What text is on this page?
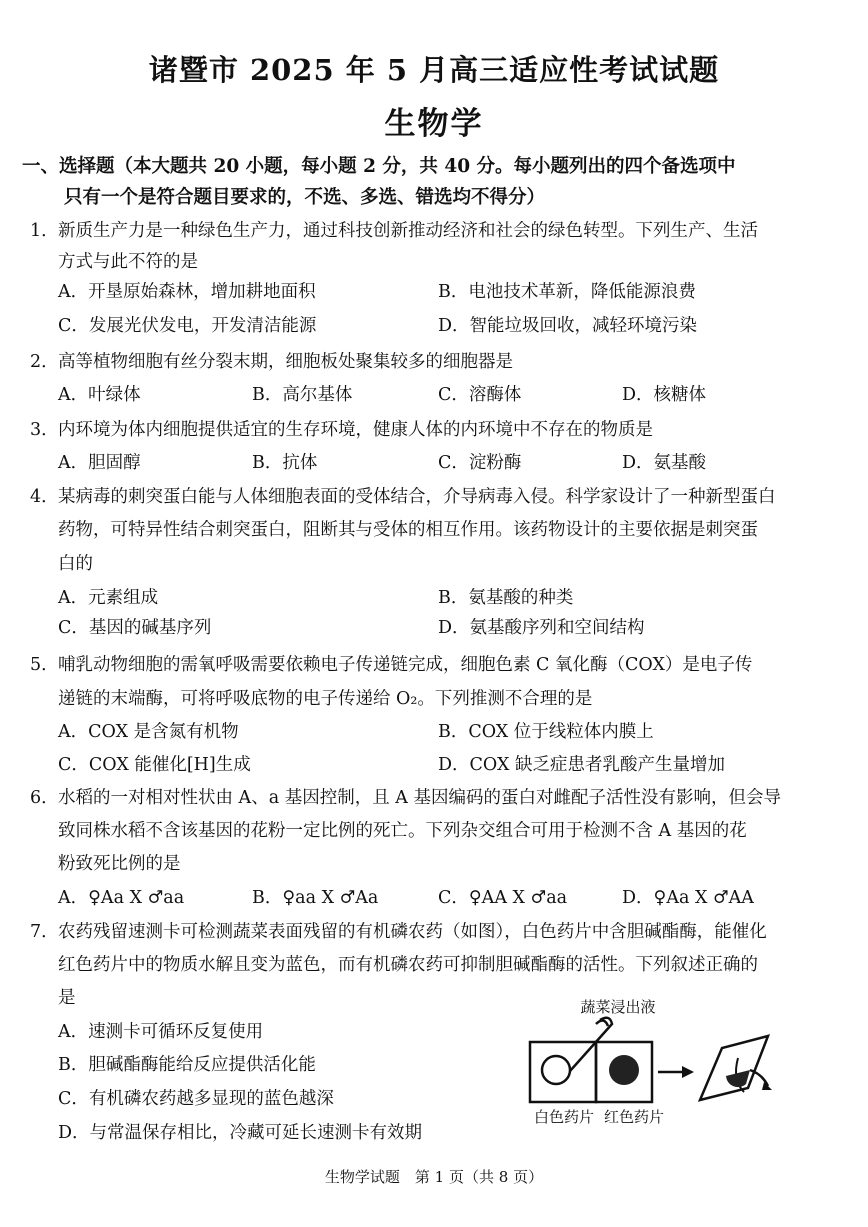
诸暨市 2025 年 5 月高三适应性考试试题
生物学
一、选择题（本大题共 20 小题，每小题 2 分，共 40 分。每小题列出的四个备选项中
只有一个是符合题目要求的，不选、多选、错选均不得分）
1． 新质生产力是一种绿色生产力，通过科技创新推动经济和社会的绿色转型。下列生产、生活
方式与此不符的是
A．开垦原始森林，增加耕地面积	B．电池技术革新，降低能源浪费
C．发展光伏发电，开发清洁能源	D．智能垃圾回收，减轻环境污染
2． 高等植物细胞有丝分裂末期，细胞板处聚集较多的细胞器是
A．叶绿体	B．高尔基体	C．溶酶体	D．核糖体
3． 内环境为体内细胞提供适宜的生存环境，健康人体的内环境中不存在的物质是
A．胆固醇	B．抗体	C．淀粉酶	D．氨基酸
4． 某病毒的刺突蛋白能与人体细胞表面的受体结合，介导病毒入侵。科学家设计了一种新型蛋白
药物，可特异性结合刺突蛋白，阻断其与受体的相互作用。该药物设计的主要依据是刺突蛋
白的
A．元素组成	B．氨基酸的种类
C．基因的碱基序列	D．氨基酸序列和空间结构
5． 哺乳动物细胞的需氧呼吸需要依赖电子传递链完成，细胞色素 C 氧化酶（COX）是电子传
递链的末端酶，可将呼吸底物的电子传递给 O₂。下列推测不合理的是
A．COX 是含氮有机物	B．COX 位于线粒体内膜上
C．COX 能催化[H]生成	D．COX 缺乏症患者乳酸产生量增加
6． 水稻的一对相对性状由 A、a 基因控制，且 A 基因编码的蛋白对雌配子活性没有影响，但会导
致同株水稻不含该基因的花粉一定比例的死亡。下列杂交组合可用于检测不含 A 基因的花
粉致死比例的是
A．♀Aa X ♂aa	B．♀aa X ♂Aa	C．♀AA X ♂aa	D．♀Aa X ♂AA
7． 农药残留速测卡可检测蔬菜表面残留的有机磷农药（如图），白色药片中含胆碱酯酶，能催化
红色药片中的物质水解且变为蓝色，而有机磷农药可抑制胆碱酯酶的活性。下列叙述正确的
是
A．速测卡可循环反复使用
B．胆碱酯酶能给反应提供活化能
C．有机磷农药越多显现的蓝色越深
D．与常温保存相比，冷藏可延长速测卡有效期
蔬菜浸出液
白色药片 红色药片
生物学试题　第 1 页（共 8 页）
